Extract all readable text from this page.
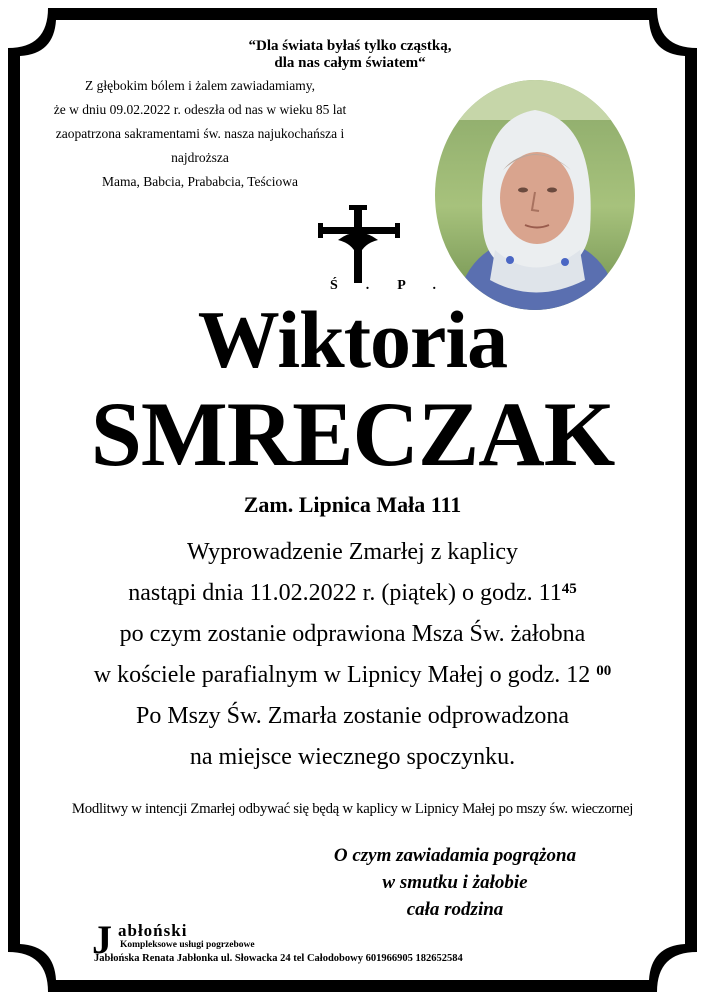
“Dla świata byłaś tylko cząstką,
dla nas całym światem“
Z głębokim bólem i żalem zawiadamiamy,
że w dniu 09.02.2022 r. odeszła od nas w wieku 85 lat
zaopatrzona sakramentami św. nasza najukochańsza i najdroższa
Mama, Babcia, Prababcia, Teściowa
Ś.P.
Wiktoria
SMRECZAK
Zam. Lipnica Mała 111
Wyprowadzenie Zmarłej z kaplicy
nastąpi dnia 11.02.2022 r. (piątek) o godz. $11^{45}$
po czym zostanie odprawiona Msza Św. żałobna
w kościele parafialnym w Lipnicy Małej o godz. 12 $^{00}$
Po Mszy Św. Zmarła zostanie odprowadzona
na miejsce wiecznego spoczynku.
Modlitwy w intencji Zmarłej odbywać się będą w kaplicy w Lipnicy Małej po mszy św. wieczornej
O czym zawiadamia pogrążona
w smutku i żałobie
cała rodzina
J abłoński
Kompleksowe usługi pogrzebowe
Jabłońska Renata Jabłonka ul. Słowacka 24 tel Całodobowy 601966905 182652584
